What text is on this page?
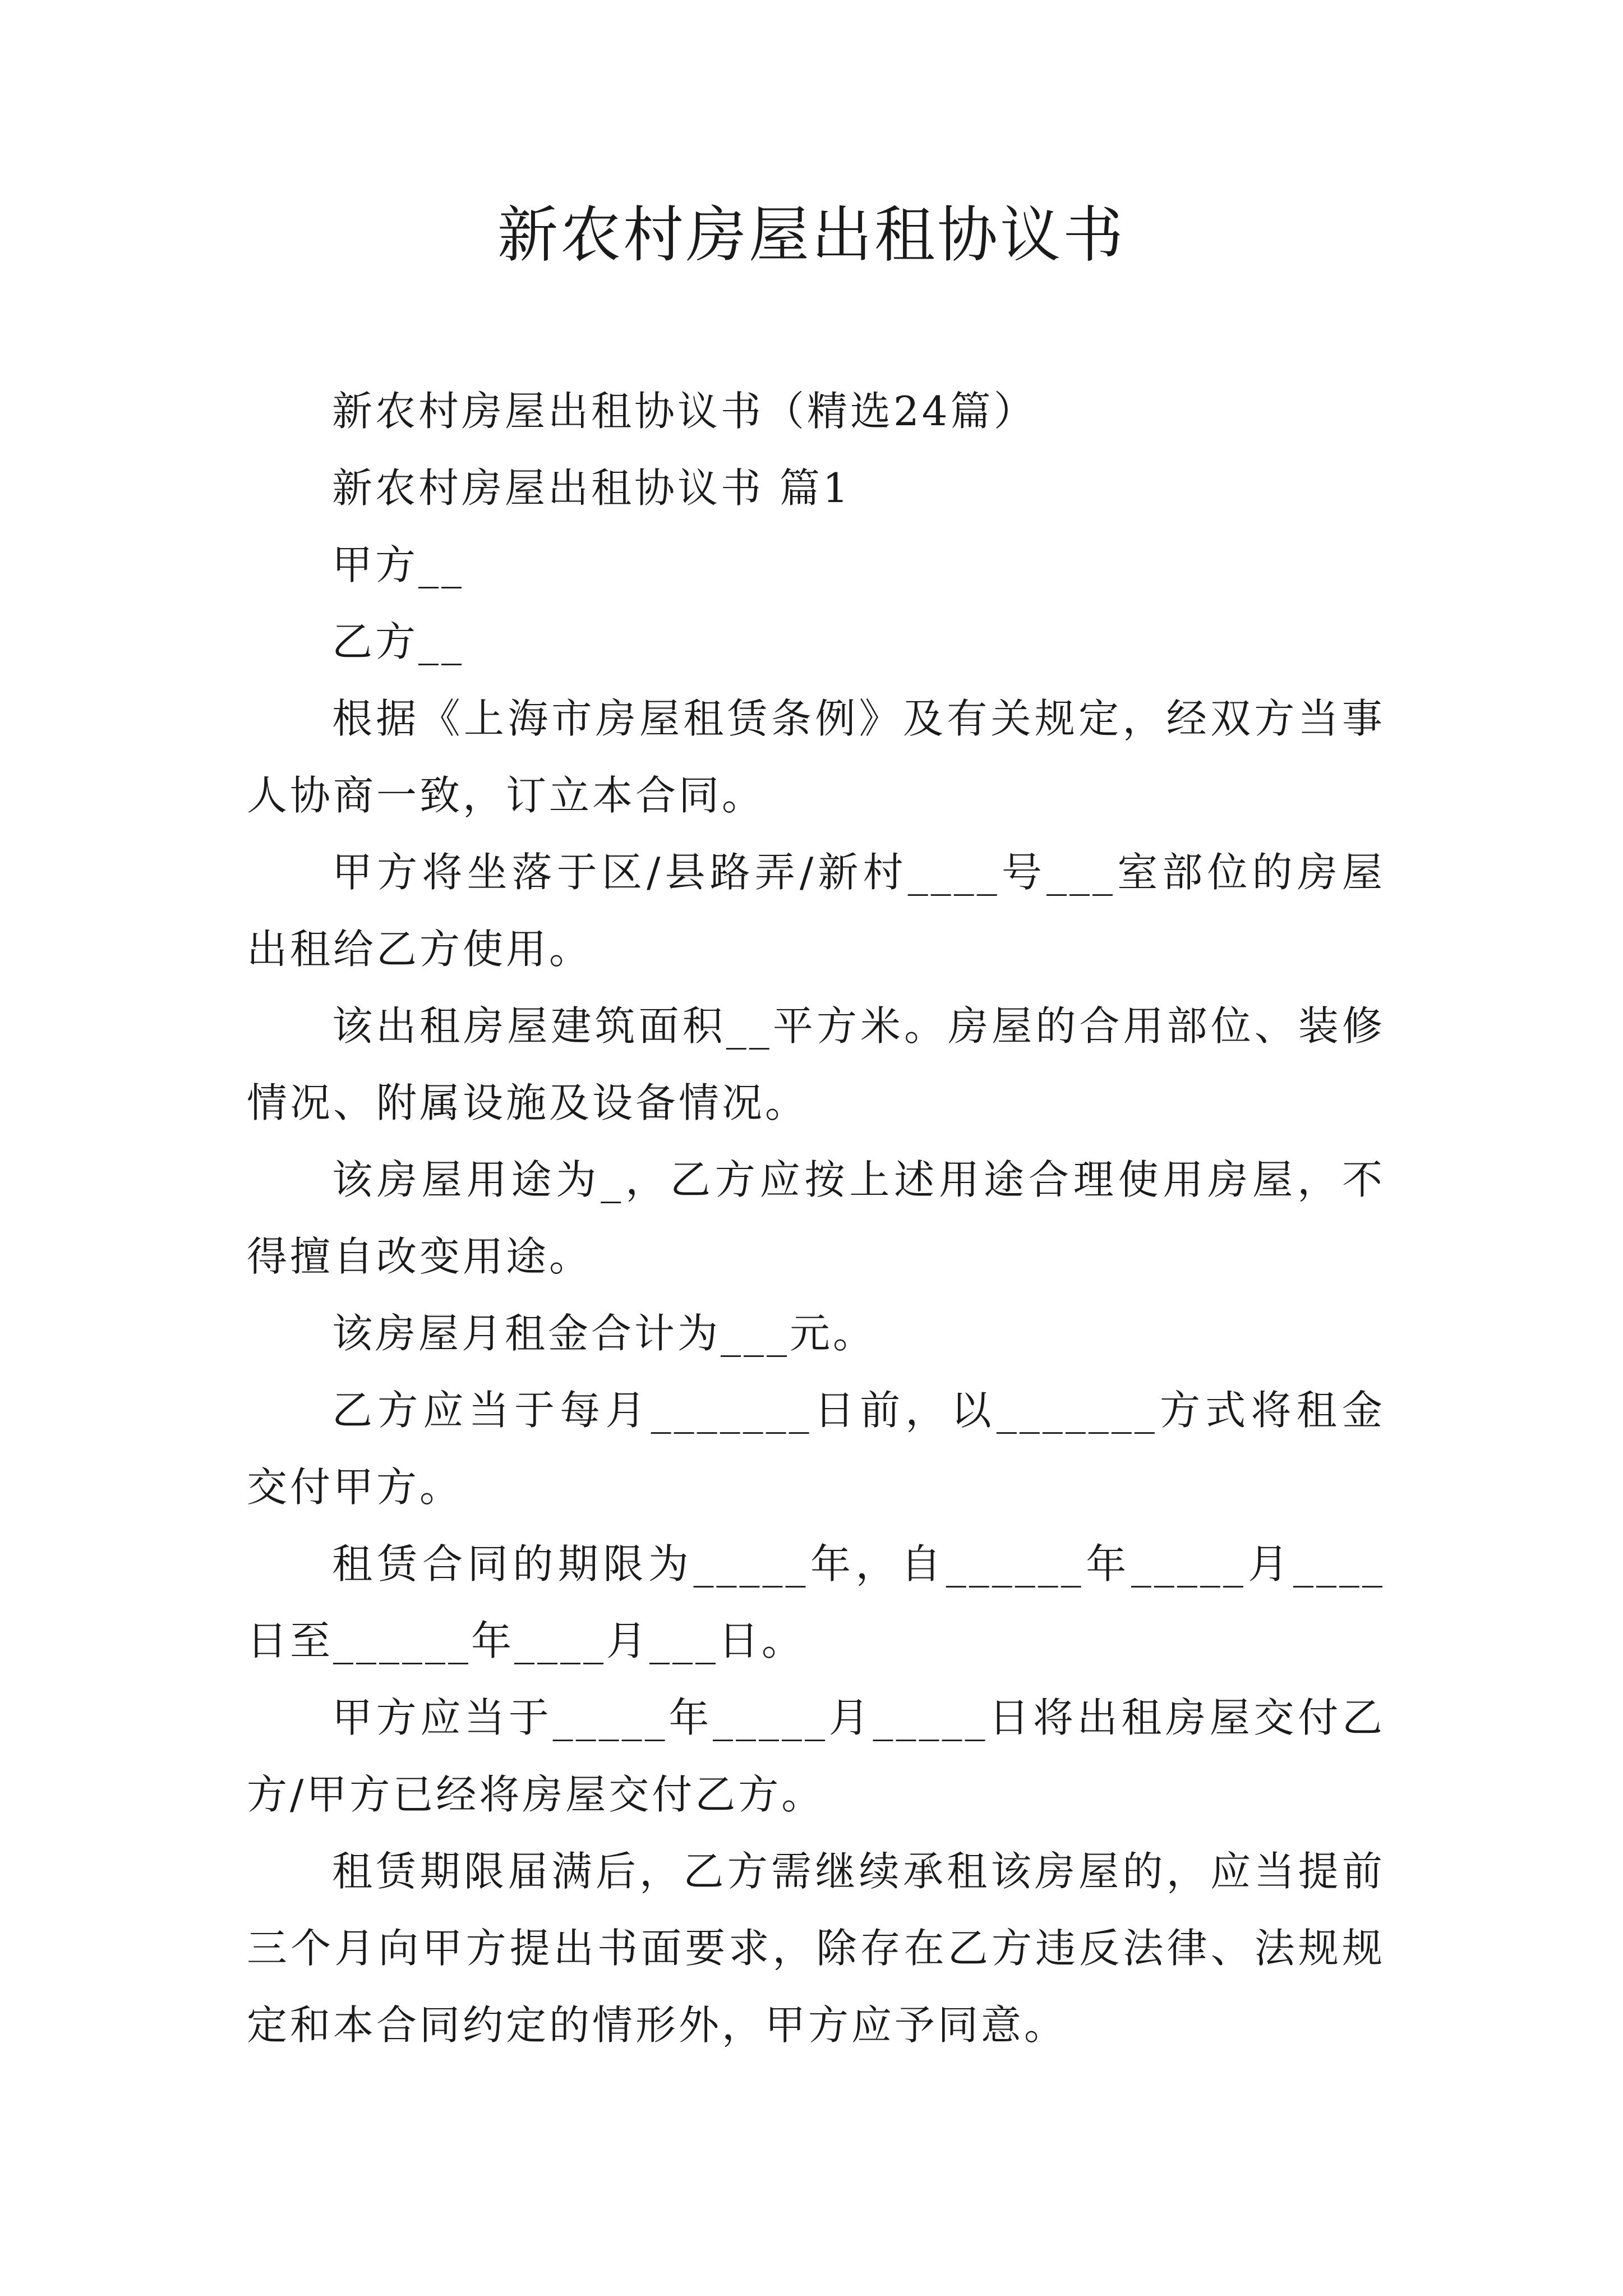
新农村房屋出租协议书

新农村房屋出租协议书（精选24篇）

新农村房屋出租协议书 篇1

甲方__

乙方__

根据《上海市房屋租赁条例》及有关规定，经双方当事人协商一致，订立本合同。

甲方将坐落于区/县路弄/新村____号___室部位的房屋出租给乙方使用。

该出租房屋建筑面积__平方米。房屋的合用部位、装修情况、附属设施及设备情况。

该房屋用途为_，乙方应按上述用途合理使用房屋，不得擅自改变用途。

该房屋月租金合计为___元。

乙方应当于每月_______日前，以_______方式将租金交付甲方。

租赁合同的期限为_____年，自______年_____月____日至______年____月___日。

甲方应当于_____年_____月_____日将出租房屋交付乙方/甲方已经将房屋交付乙方。

租赁期限届满后，乙方需继续承租该房屋的，应当提前三个月向甲方提出书面要求，除存在乙方违反法律、法规规定和本合同约定的情形外，甲方应予同意。
